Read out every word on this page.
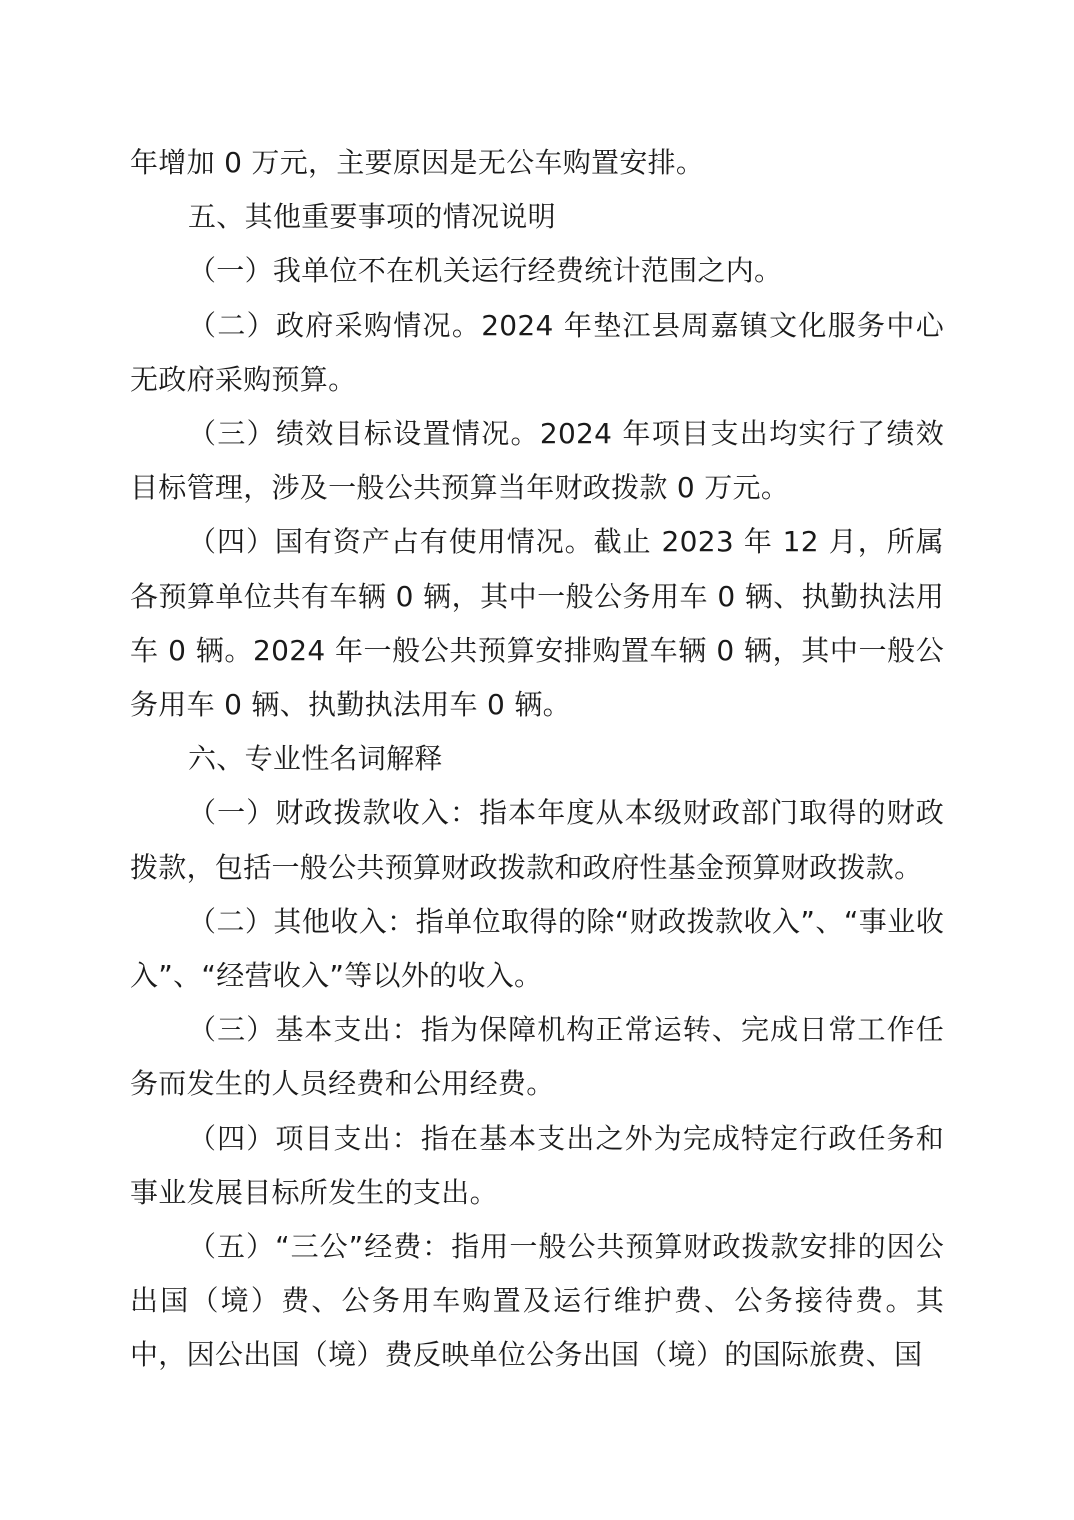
年增加 0 万元，主要原因是无公车购置安排。

五、其他重要事项的情况说明

（一）我单位不在机关运行经费统计范围之内。

（二）政府采购情况。2024 年垫江县周嘉镇文化服务中心无政府采购预算。

（三）绩效目标设置情况。2024 年项目支出均实行了绩效目标管理，涉及一般公共预算当年财政拨款 0 万元。

（四）国有资产占有使用情况。截止 2023 年 12 月，所属各预算单位共有车辆 0 辆，其中一般公务用车 0 辆、执勤执法用车 0 辆。2024 年一般公共预算安排购置车辆 0 辆，其中一般公务用车 0 辆、执勤执法用车 0 辆。

六、专业性名词解释

（一）财政拨款收入：指本年度从本级财政部门取得的财政拨款，包括一般公共预算财政拨款和政府性基金预算财政拨款。

（二）其他收入：指单位取得的除“财政拨款收入”、“事业收入”、“经营收入”等以外的收入。

（三）基本支出：指为保障机构正常运转、完成日常工作任务而发生的人员经费和公用经费。

（四）项目支出：指在基本支出之外为完成特定行政任务和事业发展目标所发生的支出。

（五）“三公”经费：指用一般公共预算财政拨款安排的因公出国（境）费、公务用车购置及运行维护费、公务接待费。其中，因公出国（境）费反映单位公务出国（境）的国际旅费、国
